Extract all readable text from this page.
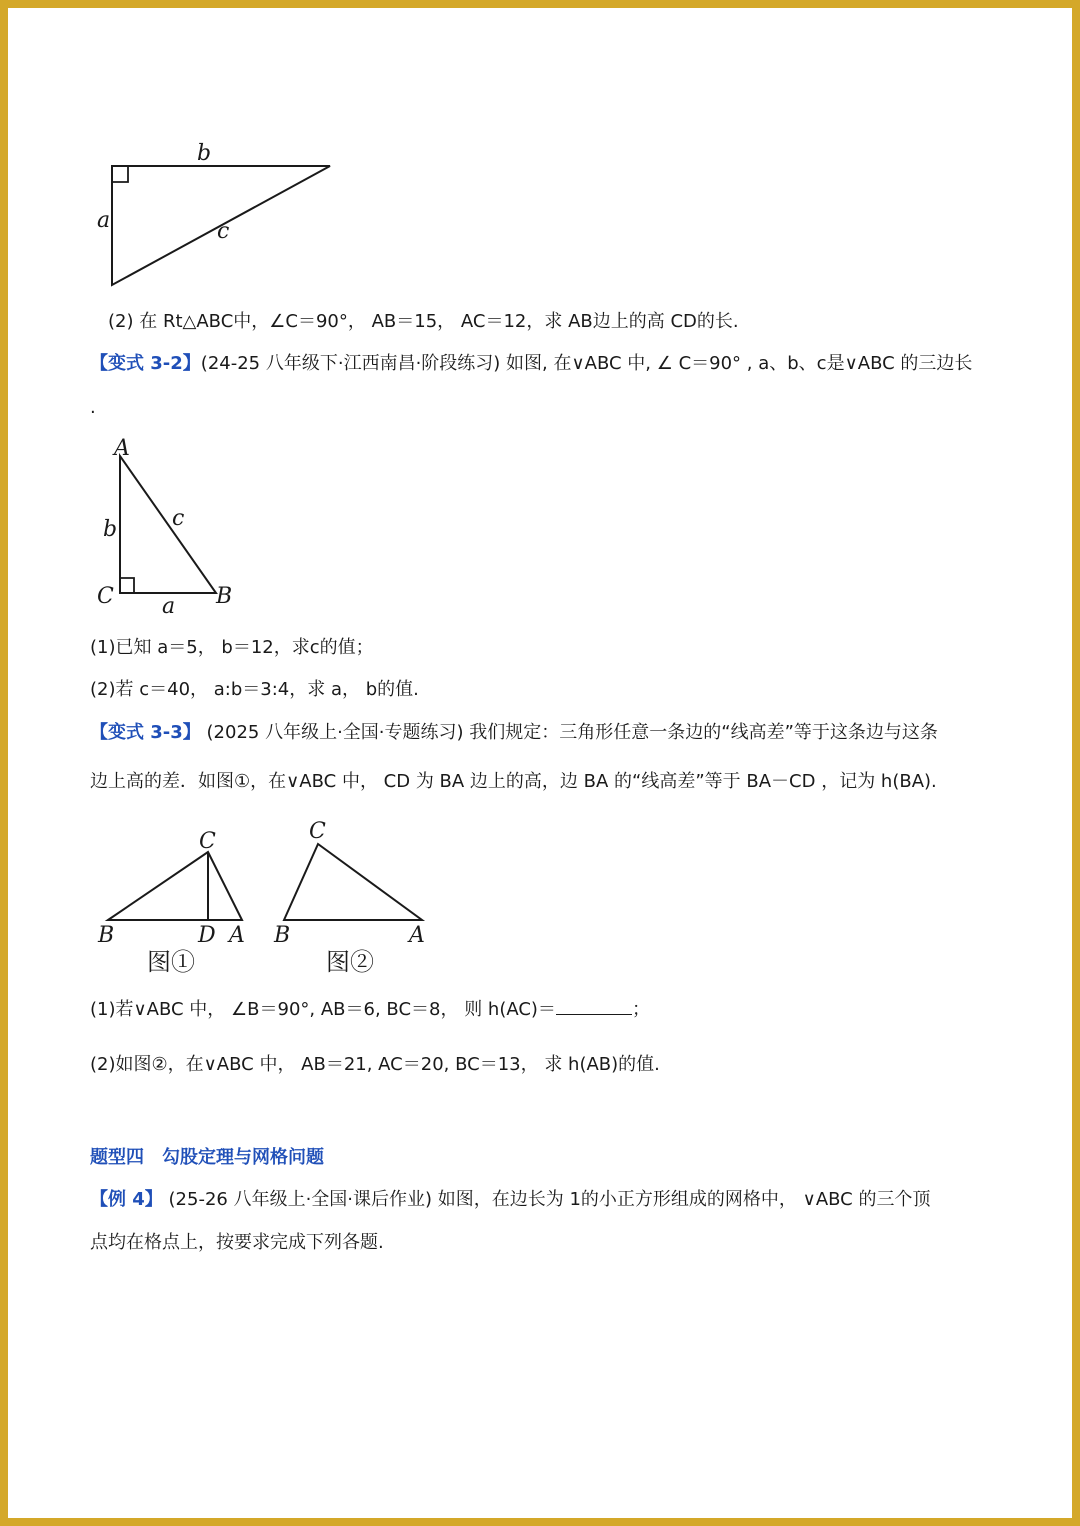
b
a	c
(2) 在 Rt△ABC中，∠C＝90°， AB＝15， AC＝12，求 AB边上的高 CD的长.
【变式 3-2】(24-25 八年级下·江西南昌·阶段练习) 如图, 在∨ABC 中, ∠ C＝90° , a、b、c是∨ABC 的三边长
.
A
b c
C	B
a
(1)已知 a＝5， b＝12，求c的值；
(2)若 c＝40， a:b＝3:4，求 a， b的值.
【变式 3-3】 (2025 八年级上·全国·专题练习) 我们规定：三角形任意一条边的“线高差”等于这条边与这条
边上高的差．如图①，在∨ABC 中， CD 为 BA 边上的高，边 BA 的“线高差”等于 BA－CD ，记为 h(BA).
C
B	D A
图①
C
B	A
图②
(1)若∨ABC 中， ∠B＝90°, AB＝6, BC＝8， 则 h(AC)＝	；
(2)如图②，在∨ABC 中， AB＝21, AC＝20, BC＝13， 求 h(AB)的值.
题型四　勾股定理与网格问题
【例 4】 (25-26 八年级上·全国·课后作业) 如图，在边长为 1的小正方形组成的网格中， ∨ABC 的三个顶
点均在格点上，按要求完成下列各题.
